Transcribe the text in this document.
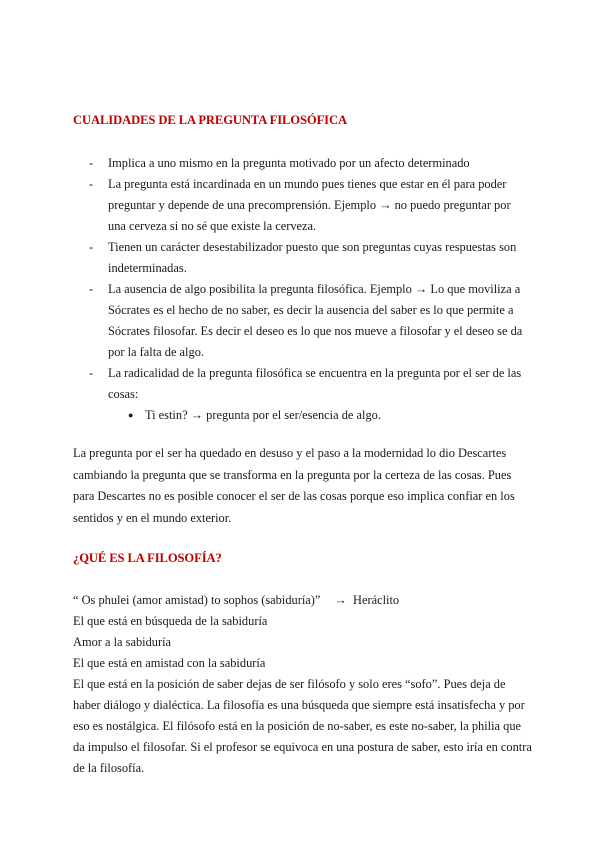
CUALIDADES DE LA PREGUNTA FILOSÓFICA
- Implica a uno mismo en la pregunta motivado por un afecto determinado
- La pregunta está incardinada en un mundo pues tienes que estar en él para poder preguntar y depende de una precomprensión. Ejemplo → no puedo preguntar por una cerveza si no sé que existe la cerveza.
- Tienen un carácter desestabilizador puesto que son preguntas cuyas respuestas son indeterminadas.
- La ausencia de algo posibilita la pregunta filosófica. Ejemplo → Lo que moviliza a Sócrates es el hecho de no saber, es decir la ausencia del saber es lo que permite a Sócrates filosofar. Es decir el deseo es lo que nos mueve a filosofar y el deseo se da por la falta de algo.
- La radicalidad de la pregunta filosófica se encuentra en la pregunta por el ser de las cosas:
● Ti estin? → pregunta por el ser/esencia de algo.

La pregunta por el ser ha quedado en desuso y el paso a la modernidad lo dio Descartes cambiando la pregunta que se transforma en la pregunta por la certeza de las cosas. Pues para Descartes no es posible conocer el ser de las cosas porque eso implica confiar en los sentidos y en el mundo exterior.

¿QUÉ ES LA FILOSOFÍA?
“ Os phulei (amor amistad) to sophos (sabiduría)” → Heráclito
El que está en búsqueda de la sabiduría
Amor a la sabiduría
El que está en amistad con la sabiduría

El que está en la posición de saber dejas de ser filósofo y solo eres “sofo”. Pues deja de haber diálogo y dialéctica. La filosofía es una búsqueda que siempre está insatisfecha y por eso es nostálgica. El filósofo está en la posición de no-saber, es este no-saber, la philia que da impulso el filosofar. Si el profesor se equivoca en una postura de saber, esto iría en contra de la filosofía.
